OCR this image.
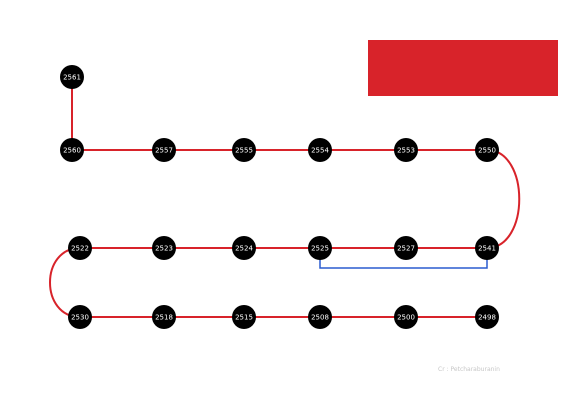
2561
2560	2557	2555	2554	2553	2550
2522	2523	2524	2525	2527	2541
2530	2518	2515	2508	2500	2498
Cr : Petcharaburanin
